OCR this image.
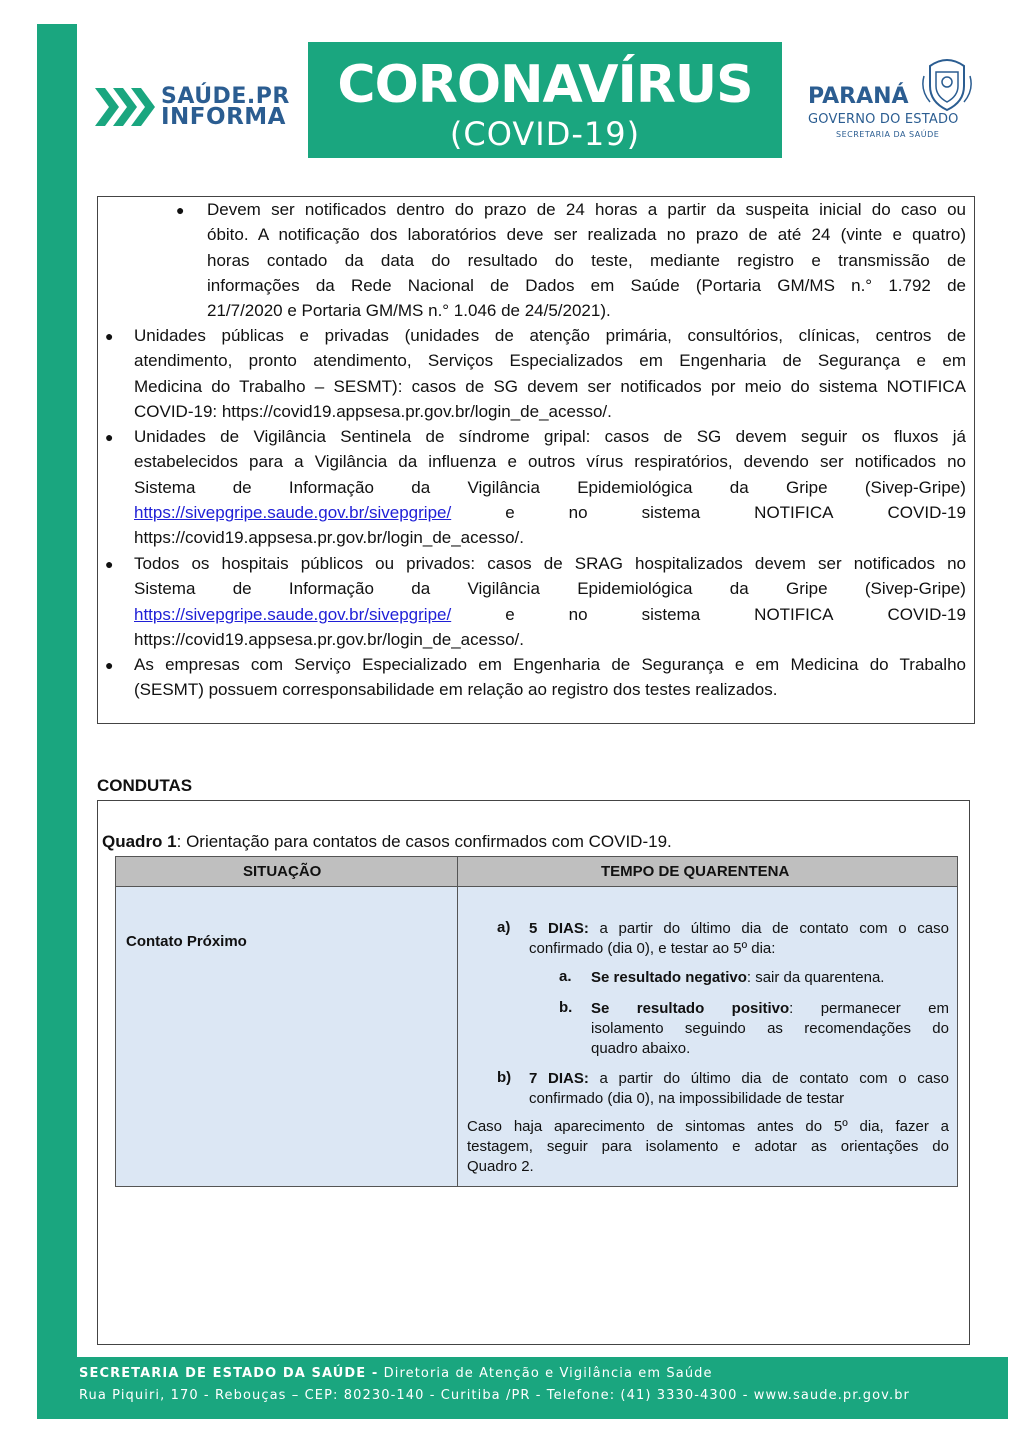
SAÚDE.PR
INFORMA
CORONAVÍRUS
(COVID-19)
PARANÁ
GOVERNO DO ESTADO
SECRETARIA DA SAÚDE
● Devem ser notificados dentro do prazo de 24 horas a partir da suspeita inicial do caso ou
óbito. A notificação dos laboratórios deve ser realizada no prazo de até 24 (vinte e quatro)
horas contado da data do resultado do teste, mediante registro e transmissão de
informações da Rede Nacional de Dados em Saúde (Portaria GM/MS n.° 1.792 de
21/7/2020 e Portaria GM/MS n.° 1.046 de 24/5/2021).
● Unidades públicas e privadas (unidades de atenção primária, consultórios, clínicas, centros de
atendimento, pronto atendimento, Serviços Especializados em Engenharia de Segurança e em
Medicina do Trabalho – SESMT): casos de SG devem ser notificados por meio do sistema NOTIFICA
COVID-19: https://covid19.appsesa.pr.gov.br/login_de_acesso/.
● Unidades de Vigilância Sentinela de síndrome gripal: casos de SG devem seguir os fluxos já
estabelecidos para a Vigilância da influenza e outros vírus respiratórios, devendo ser notificados no
Sistema de Informação da Vigilância Epidemiológica da Gripe (Sivep-Gripe)
https://sivepgripe.saude.gov.br/sivepgripe/	e	no	sistema	NOTIFICA	COVID-19
https://covid19.appsesa.pr.gov.br/login_de_acesso/.
● Todos os hospitais públicos ou privados: casos de SRAG hospitalizados devem ser notificados no
Sistema de Informação da Vigilância Epidemiológica da Gripe (Sivep-Gripe)
https://sivepgripe.saude.gov.br/sivepgripe/	e	no	sistema	NOTIFICA	COVID-19
https://covid19.appsesa.pr.gov.br/login_de_acesso/.
● As empresas com Serviço Especializado em Engenharia de Segurança e em Medicina do Trabalho
(SESMT) possuem corresponsabilidade em relação ao registro dos testes realizados.
CONDUTAS
Quadro 1: Orientação para contatos de casos confirmados com COVID-19.
SITUAÇÃO	TEMPO DE QUARENTENA
Contato Próximo
a) 5 DIAS: a partir do último dia de contato com o caso
confirmado (dia 0), e testar ao 5º dia:
a. Se resultado negativo: sair da quarentena.
b. Se resultado positivo: permanecer em
isolamento seguindo as recomendações do
quadro abaixo.
b) 7 DIAS: a partir do último dia de contato com o caso
confirmado (dia 0), na impossibilidade de testar
Caso haja aparecimento de sintomas antes do 5º dia, fazer a
testagem, seguir para isolamento e adotar as orientações do
Quadro 2.
SECRETARIA DE ESTADO DA SAÚDE - Diretoria de Atenção e Vigilância em Saúde
Rua Piquiri, 170 - Rebouças – CEP: 80230-140 - Curitiba /PR - Telefone: (41) 3330-4300 - www.saude.pr.gov.br
